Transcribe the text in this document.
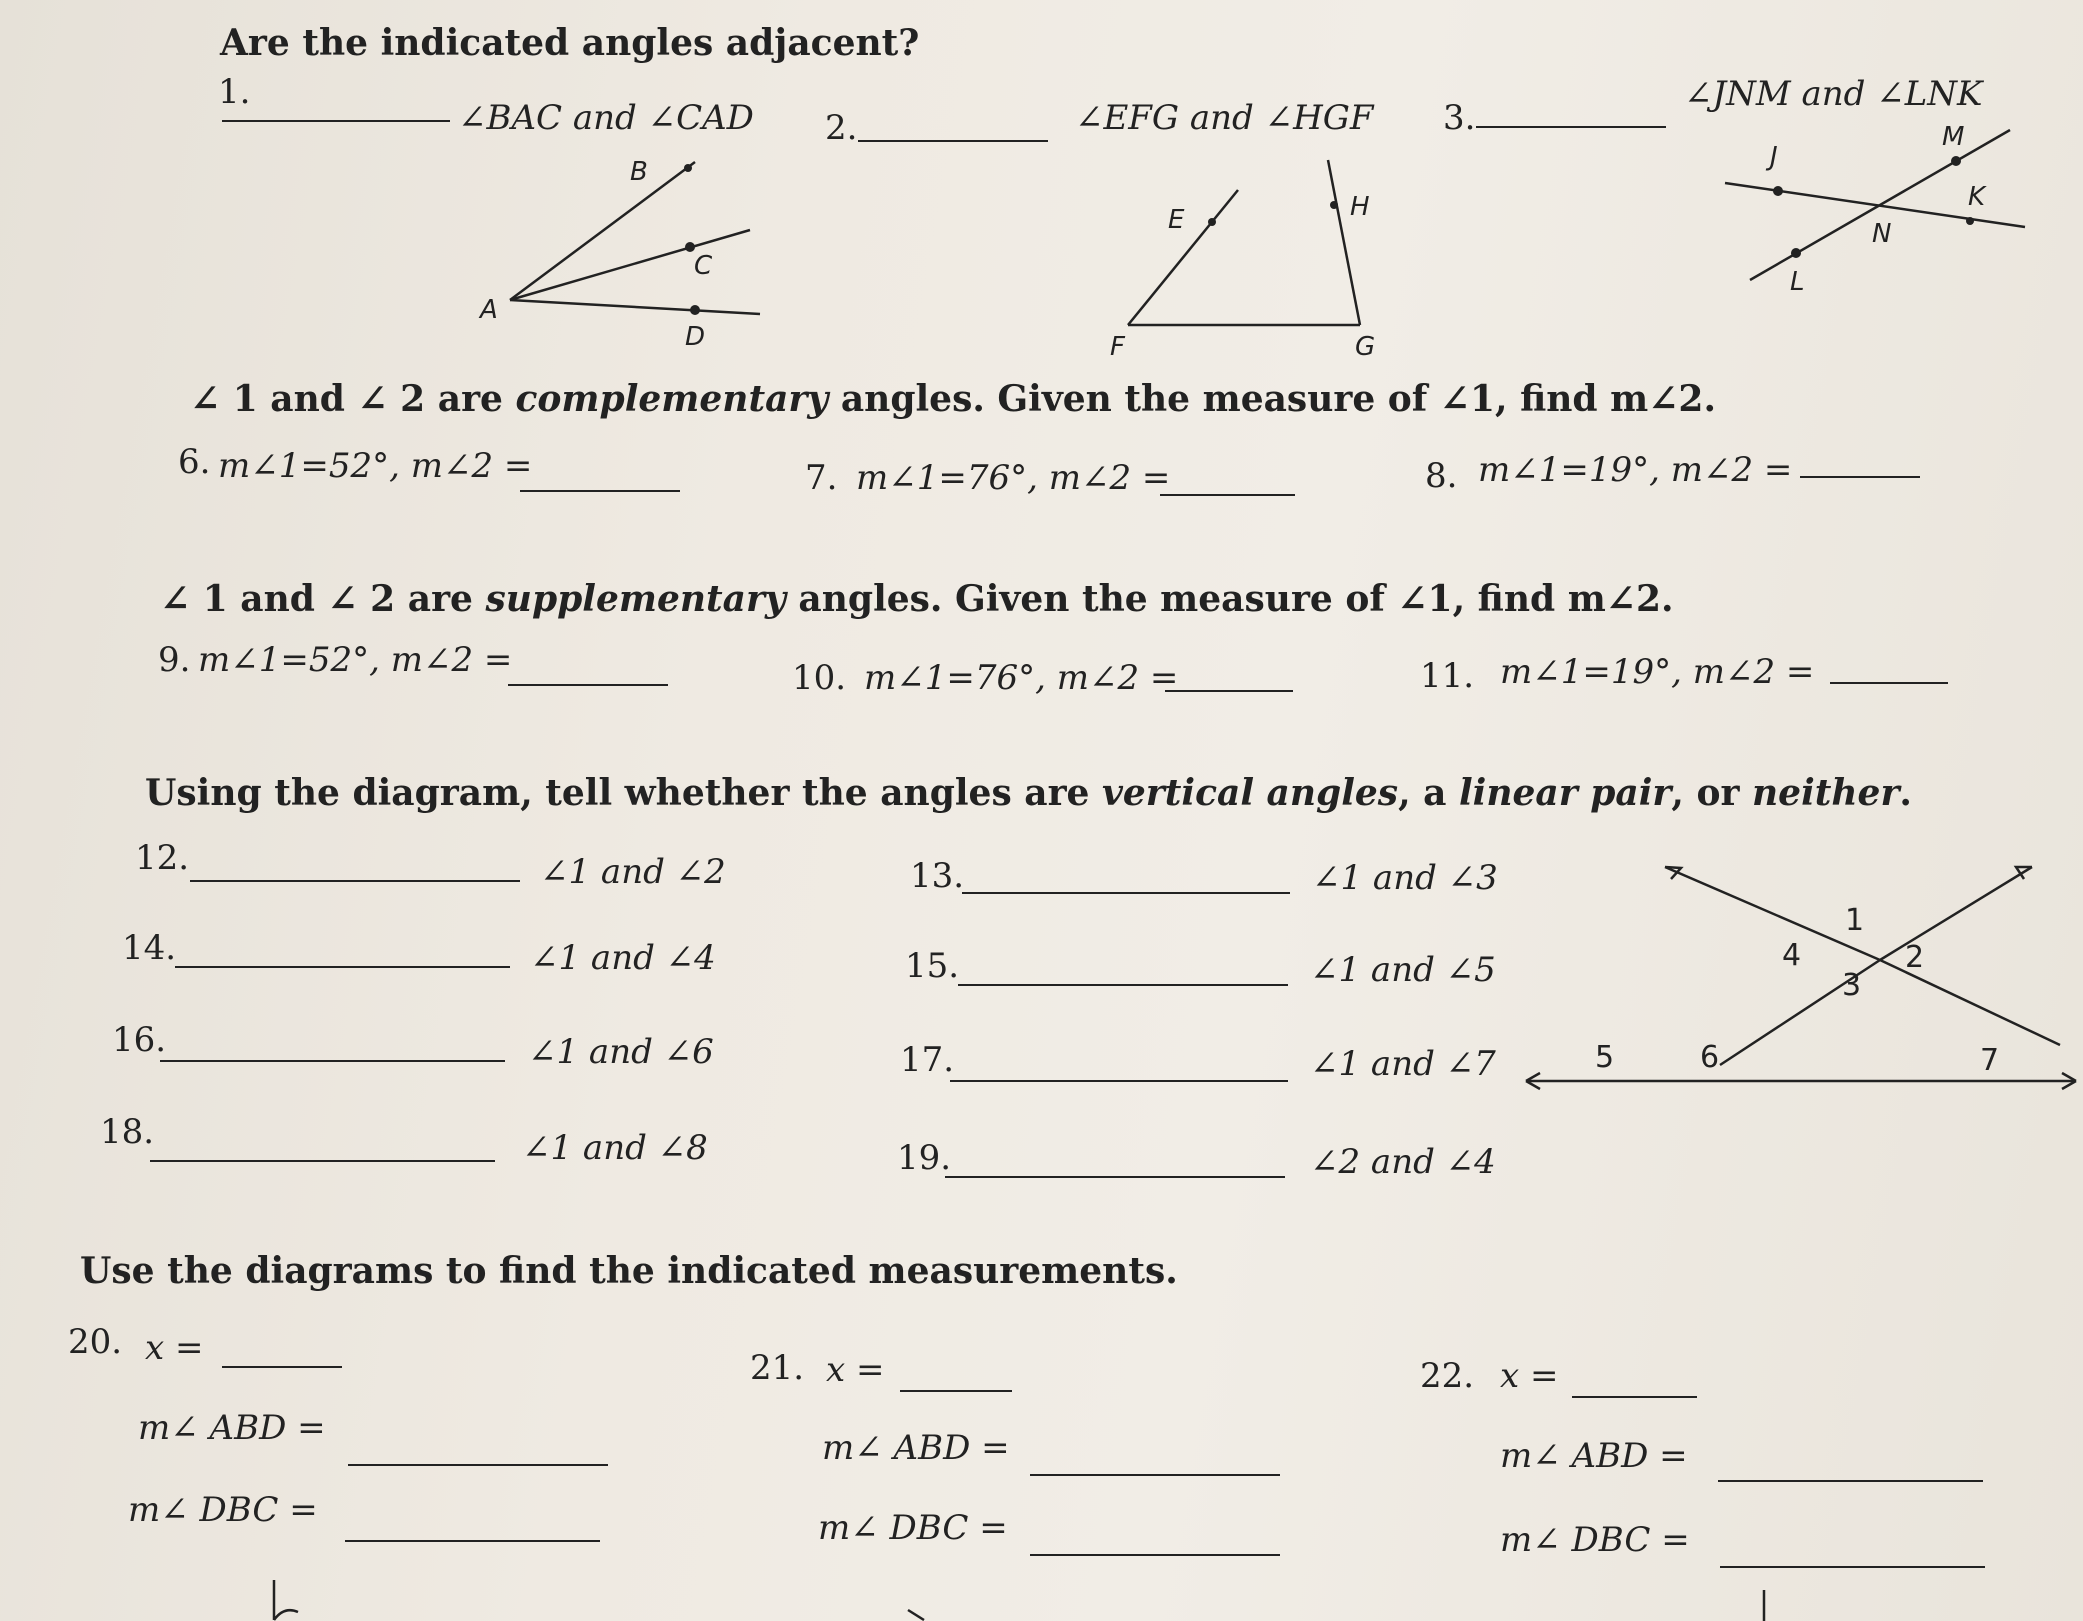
Are the indicated angles adjacent?
1.
∠BAC and ∠CAD 2.	∠EFG and ∠HGF 3.
∠JNM and ∠LNK
B
C
A
D
E
F
H
G
J
M
K
N
L
∠ 1 and ∠ 2 are complementary angles. Given the measure of ∠1, find m∠2.
6. m∠1=52°, m∠2 =	7. m∠1=76°, m∠2 =	8. m∠1=19°, m∠2 =
∠ 1 and ∠ 2 are supplementary angles. Given the measure of ∠1, find m∠2.
9. m∠1=52°, m∠2 =	10. m∠1=76°, m∠2 =	11. m∠1=19°, m∠2 =
Using the diagram, tell whether the angles are vertical angles, a linear pair, or neither.
12.	∠1 and ∠2	13.	∠1 and ∠3
14.	∠1 and ∠4	15.	∠1 and ∠5
16.	∠1 and ∠6	17.	∠1 and ∠7
18.	∠1 and ∠8	19.	∠2 and ∠4
1
2
3
4
5	6	7
Use the diagrams to find the indicated measurements.
20. x =
m∠ ABD =
m∠ DBC =
21. x =
m∠ ABD =
m∠ DBC =
22. x =
m∠ ABD =
m∠ DBC =
